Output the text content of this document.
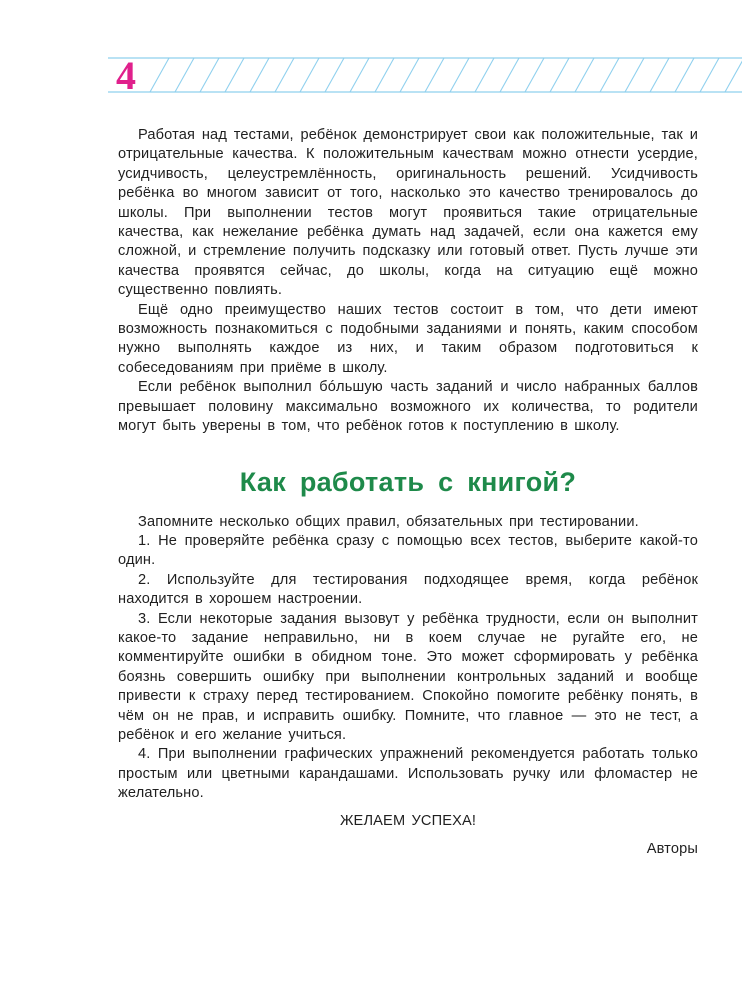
4

Работая над тестами, ребёнок демонстрирует свои как положительные, так и отрицательные качества. К положительным качествам можно отнести усердие, усидчивость, целеустремлённость, оригинальность решений. Усидчивость ребёнка во многом зависит от того, насколько это качество тренировалось до школы. При выполнении тестов могут проявиться такие отрицательные качества, как нежелание ребёнка думать над задачей, если она кажется ему сложной, и стремление получить подсказку или готовый ответ. Пусть лучше эти качества проявятся сейчас, до школы, когда на ситуацию ещё можно существенно повлиять.

Ещё одно преимущество наших тестов состоит в том, что дети имеют возможность познакомиться с подобными заданиями и понять, каким способом нужно выполнять каждое из них, и таким образом подготовиться к собеседованиям при приёме в школу.

Если ребёнок выполнил бóльшую часть заданий и число набранных баллов превышает половину максимально возможного их количества, то родители могут быть уверены в том, что ребёнок готов к поступлению в школу.

Как работать с книгой?

Запомните несколько общих правил, обязательных при тестировании.

1. Не проверяйте ребёнка сразу с помощью всех тестов, выберите какой-то один.

2. Используйте для тестирования подходящее время, когда ребёнок находится в хорошем настроении.

3. Если некоторые задания вызовут у ребёнка трудности, если он выполнит какое-то задание неправильно, ни в коем случае не ругайте его, не комментируйте ошибки в обидном тоне. Это может сформировать у ребёнка боязнь совершить ошибку при выполнении контрольных заданий и вообще привести к страху перед тестированием. Спокойно помогите ребёнку понять, в чём он не прав, и исправить ошибку. Помните, что главное — это не тест, а ребёнок и его желание учиться.

4. При выполнении графических упражнений рекомендуется работать только простым или цветными карандашами. Использовать ручку или фломастер не желательно.

ЖЕЛАЕМ УСПЕХА!

Авторы
